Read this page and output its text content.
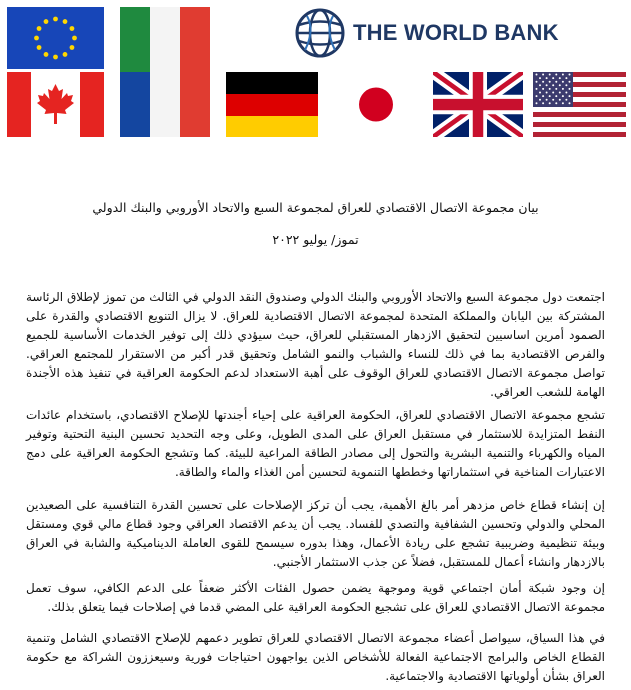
THE WORLD BANK
بيان مجموعة الاتصال الاقتصادي للعراق لمجموعة السبع والاتحاد الأوروبي والبنك الدولي
تموز/ يوليو ٢٠٢٢
اجتمعت دول مجموعة السبع والاتحاد الأوروبي والبنك الدولي وصندوق النقد الدولي في الثالث من تموز لإطلاق الرئاسة المشتركة بين اليابان والمملكة المتحدة لمجموعة الاتصال الاقتصادية للعراق. لا يزال التنويع الاقتصادي والقدرة على الصمود أمرين اساسيين لتحقيق الازدهار المستقبلي للعراق، حيث سيؤدي ذلك إلى توفير الخدمات الأساسية للجميع والفرص الاقتصادية بما في ذلك للنساء والشباب والنمو الشامل وتحقيق قدر أكبر من الاستقرار للمجتمع العراقي. تواصل مجموعة الاتصال الاقتصادي للعراق الوقوف على أهبة الاستعداد لدعم الحكومة العراقية في تنفيذ هذه الأجندة الهامة للشعب العراقي.
تشجع مجموعة الاتصال الاقتصادي للعراق، الحكومة العراقية على إحياء أجندتها للإصلاح الاقتصادي، باستخدام عائدات النفط المتزايدة للاستثمار في مستقبل العراق على المدى الطويل، وعلى وجه التحديد تحسين البنية التحتية وتوفير المياه والكهرباء والتنمية البشرية والتحول إلى مصادر الطاقة المراعية للبيئة. كما وتشجع الحكومة العراقية على دمج الاعتبارات المناخية في استثماراتها وخططها التنموية لتحسين أمن الغذاء والماء والطاقة.
إن إنشاء قطاع خاص مزدهر أمر بالغ الأهمية، يجب أن تركز الإصلاحات على تحسين القدرة التنافسية على الصعيدين المحلي والدولي وتحسين الشفافية والتصدي للفساد. يجب أن يدعم الاقتصاد العراقي وجود قطاع مالي قوي ومستقل وبيئة تنظيمية وضريبية تشجع على ريادة الأعمال، وهذا بدوره سيسمح للقوى العاملة الديناميكية والشابة في العراق بالازدهار وانشاء أعمال للمستقبل، فضلاً عن جذب الاستثمار الأجنبي.
إن وجود شبكة أمان اجتماعي قوية وموجهة يضمن حصول الفئات الأكثر ضعفاً على الدعم الكافي، سوف تعمل مجموعة الاتصال الاقتصادي للعراق على تشجيع الحكومة العراقية على المضي قدما في إصلاحات فيما يتعلق بذلك.
في هذا السياق، سيواصل أعضاء مجموعة الاتصال الاقتصادي للعراق تطوير دعمهم للإصلاح الاقتصادي الشامل وتنمية القطاع الخاص والبرامج الاجتماعية الفعالة للأشخاص الذين يواجهون احتياجات فورية وسيعززون الشراكة مع حكومة العراق بشأن أولوياتها الاقتصادية والاجتماعية.
